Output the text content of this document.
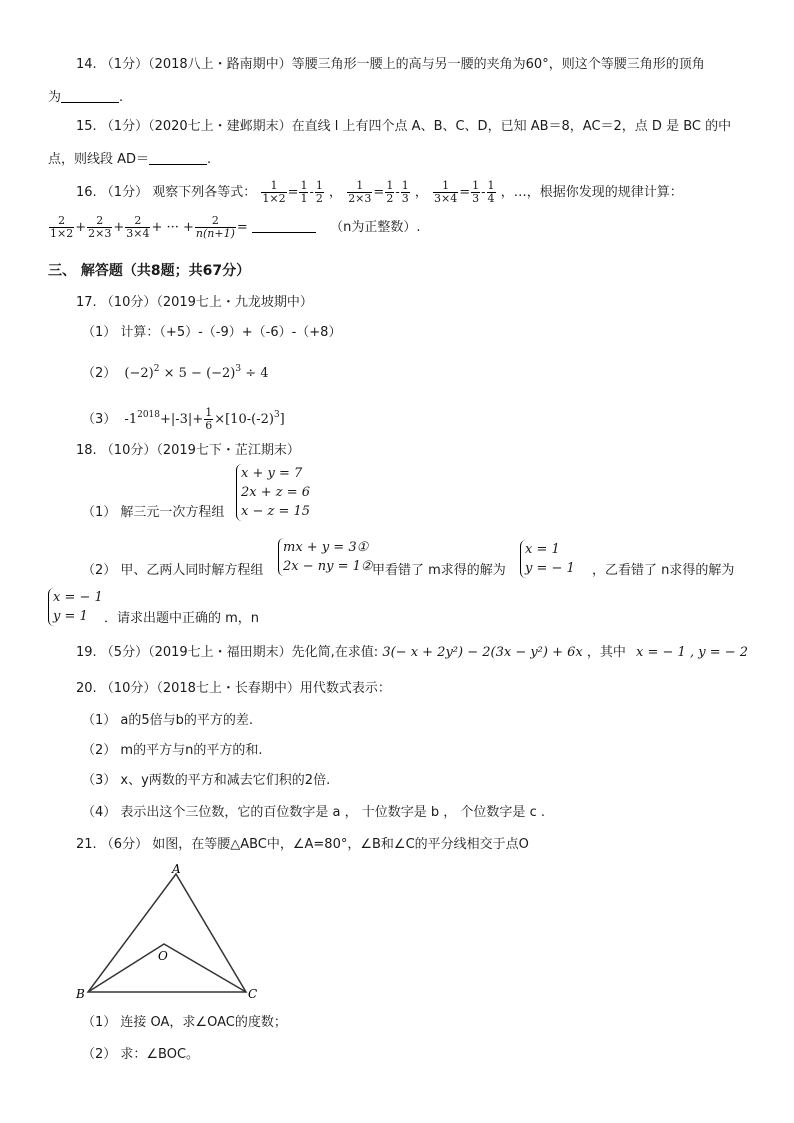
14. （1分）（2018八上・路南期中）等腰三角形一腰上的高与另一腰的夹角为60°，则这个等腰三角形的顶角
为	.
15. （1分）（2020七上・建邺期末）在直线 l 上有四个点 A、B、C、D，已知 AB＝8，AC＝2，点 D 是 BC 的中
点，则线段 AD＝	.
16. （1分） 观察下列各等式： $\frac{1}{1\times 2} = \frac{1}{1} - \frac{1}{2}$ ， $\frac{1}{2\times 3} = \frac{1}{2} - \frac{1}{3}$ ， $\frac{1}{3\times 4} = \frac{1}{3} - \frac{1}{4}$ ，…，根据你发现的规律计算：
$\frac{2}{1\times 2} + \frac{2}{2\times 3} + \frac{2}{3\times 4}$ + ··· + $\frac{2}{n(n+1)}$ =	（n为正整数）.
三、 解答题（共8题；共67分）
17. （10分）（2019七上・九龙坡期中）
（1） 计算：（+5）-（-9）+（-6）-（+8）
（2） $(-2)^2 \times 5 - (-2)^3 \div 4$
（3） $-1^{2018}+|-3|+ \frac{1}{6} \times[10-(-2)^3]$
18. （10分）（2019七下・芷江期末）
x + y = 7
2x + z = 6
x − z = 15
（1） 解三元一次方程组
（2） 甲、乙两人同时解方程组
mx + y = 3①
2x − ny = 1② 甲看错了 m求得的解为
x = 1
y = − 1 ，乙看错了 n求得的解为
x = − 1
y = 1	．请求出题中正确的 m，n
19. （5分）（2019七上・福田期末）先化简,在求值: 3(− x + 2y²) − 2(3x − y²) + 6x ，其中 x = − 1 , y = − 2
20. （10分）（2018七上・长春期中）用代数式表示：
（1） a的5倍与b的平方的差.
（2） m的平方与n的平方的和.
（3） x、y两数的平方和减去它们积的2倍.
（4） 表示出这个三位数，它的百位数字是 a ， 十位数字是 b ， 个位数字是 c .
21. （6分） 如图，在等腰△ABC中，∠A=80°，∠B和∠C的平分线相交于点O
A
B	C
O
（1） 连接 OA，求∠OAC的度数；
（2） 求：∠BOC。
